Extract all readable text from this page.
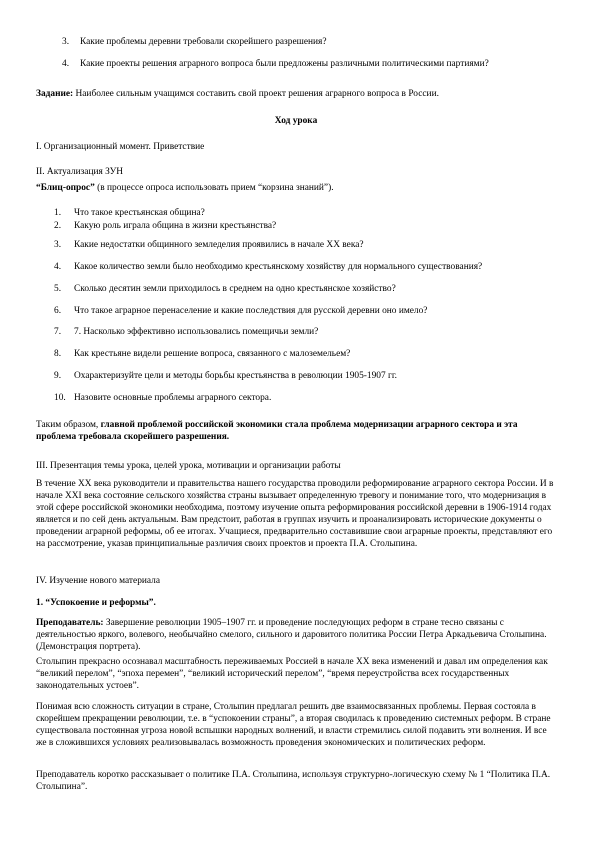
3. Какие проблемы деревни требовали скорейшего разрешения?
4. Какие проекты решения аграрного вопроса были предложены различными политическими партиями?

Задание: Наиболее сильным учащимся составить свой проект решения аграрного вопроса в России.

Ход урока

I. Организационный момент. Приветствие

II. Актуализация ЗУН

“Блиц-опрос” (в процессе опроса использовать прием “корзина знаний”).

1. Что такое крестьянская община?
2. Какую роль играла община в жизни крестьянства?
3. Какие недостатки общинного земледелия проявились в начале ХХ века?
4. Какое количество земли было необходимо крестьянскому хозяйству для нормального существования?
5. Сколько десятин земли приходилось в среднем на одно крестьянское хозяйство?
6. Что такое аграрное перенаселение и какие последствия для русской деревни оно имело?
7. 7. Насколько эффективно использовались помещичьи земли?
8. Как крестьяне видели решение вопроса, связанного с малоземельем?
9. Охарактеризуйте цели и методы борьбы крестьянства в революции 1905-1907 гг.
10. Назовите основные проблемы аграрного сектора.

Таким образом, главной проблемой российской экономики стала проблема модернизации аграрного сектора и эта проблема требовала скорейшего разрешения.

III. Презентация темы урока, целей урока, мотивации и организации работы

В течение ХХ века руководители и правительства нашего государства проводили реформирование аграрного сектора России. И в начале ХХI века состояние сельского хозяйства страны вызывает определенную тревогу и понимание того, что модернизация в этой сфере российской экономики необходима, поэтому изучение опыта реформирования российской деревни в 1906-1914 годах является и по сей день актуальным. Вам предстоит, работая в группах изучить и проанализировать исторические документы о проведении аграрной реформы, об ее итогах. Учащиеся, предварительно составившие свои аграрные проекты, представляют его на рассмотрение, указав принципиальные различия своих проектов и проекта П.А. Столыпина.

IV. Изучение нового материала

1. “Успокоение и реформы”.

Преподаватель: Завершение революции 1905–1907 гг. и проведение последующих реформ в стране тесно связаны с деятельностью яркого, волевого, необычайно смелого, сильного и даровитого политика России Петра Аркадьевича Столыпина. (Демонстрация портрета).

Столыпин прекрасно осознавал масштабность переживаемых Россией в начале ХХ века изменений и давал им определения как “великий перелом”, “эпоха перемен”, “великий исторический перелом”, “время переустройства всех государственных законодательных устоев”.

Понимая всю сложность ситуации в стране, Столыпин предлагал решить две взаимосвязанных проблемы. Первая состояла в скорейшем прекращении революции, т.е. в “успокоении страны”, а вторая сводилась к проведению системных реформ. В стране существовала постоянная угроза новой вспышки народных волнений, и власти стремились силой подавить эти волнения. И все же в сложившихся условиях реализовывалась возможность проведения экономических и политических реформ.

Преподаватель коротко рассказывает о политике П.А. Столыпина, используя структурно-логическую схему № 1 “Политика П.А. Столыпина”.
